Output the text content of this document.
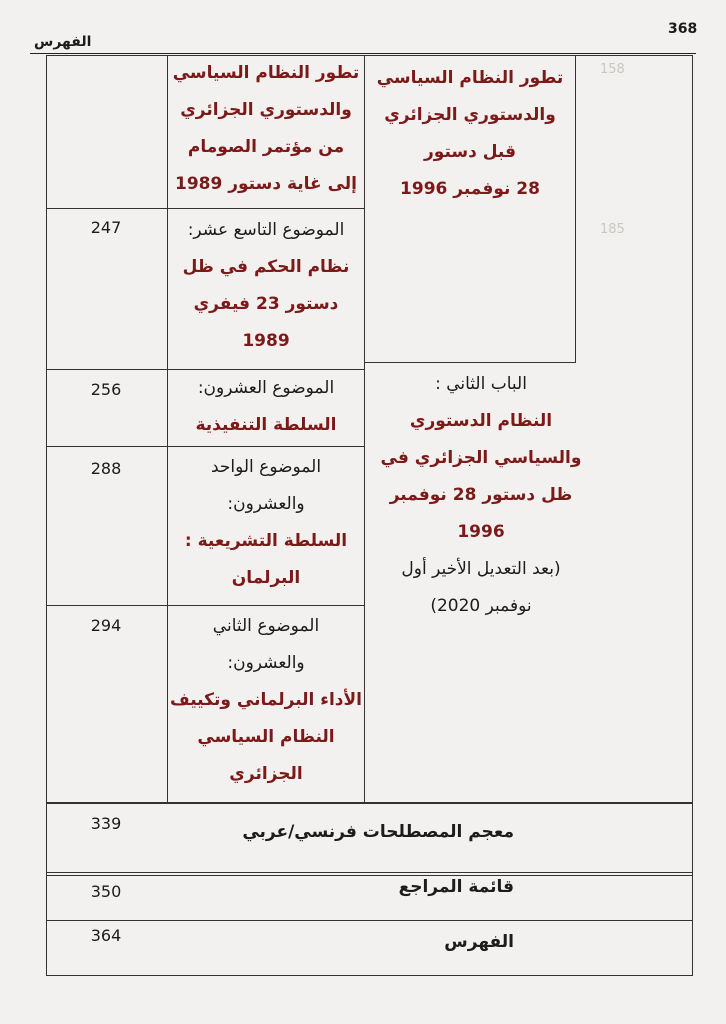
158
185
368
الفهرس
تطور النظام السياسي
والدستوري الجزائري
قبل دستور
28 نوفمبر 1996
الباب الثاني :
النظام الدستوري
والسياسي الجزائري في
ظل دستور 28 نوفمبر
1996
(بعد التعديل الأخير أول
نوفمبر 2020)
تطور النظام السياسي
والدستوري الجزائري
من مؤتمر الصومام
إلى غاية دستور 1989
الموضوع التاسع عشر:
نظام الحكم في ظل
دستور 23 فيفري
1989
247
الموضوع العشرون:
السلطة التنفيذية
256
الموضوع الواحد
والعشرون:
السلطة التشريعية :
البرلمان
288
الموضوع الثاني
والعشرون:
الأداء البرلماني وتكييف
النظام السياسي
الجزائري
294
معجم المصطلحات فرنسي/عربي
339
قائمة المراجع
350
الفهرس
364
